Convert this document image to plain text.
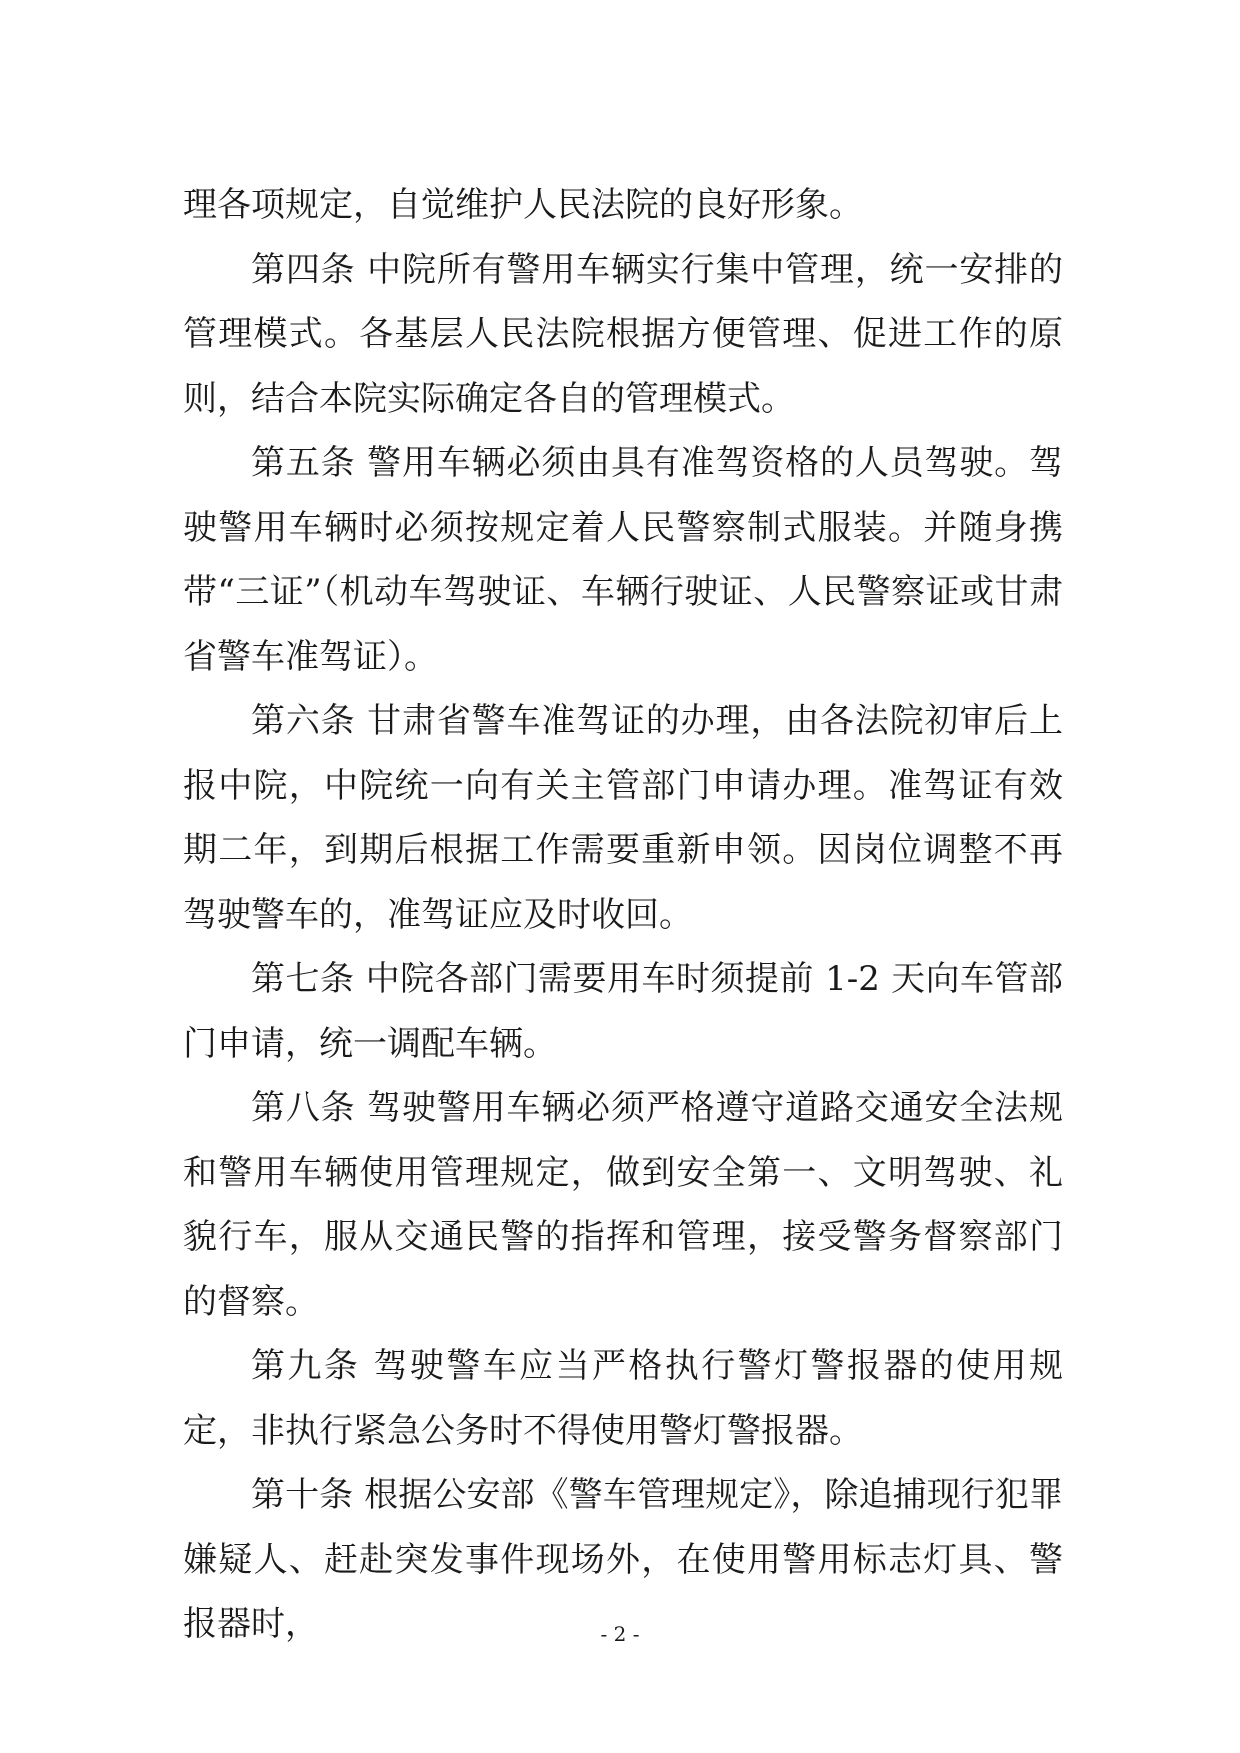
理各项规定，自觉维护人民法院的良好形象。

第四条 中院所有警用车辆实行集中管理，统一安排的管理模式。各基层人民法院根据方便管理、促进工作的原则，结合本院实际确定各自的管理模式。

第五条 警用车辆必须由具有准驾资格的人员驾驶。驾驶警用车辆时必须按规定着人民警察制式服装。并随身携带“三证”（机动车驾驶证、车辆行驶证、人民警察证或甘肃省警车准驾证）。

第六条 甘肃省警车准驾证的办理，由各法院初审后上报中院，中院统一向有关主管部门申请办理。准驾证有效期二年，到期后根据工作需要重新申领。因岗位调整不再驾驶警车的，准驾证应及时收回。

第七条 中院各部门需要用车时须提前 1-2 天向车管部门申请，统一调配车辆。

第八条 驾驶警用车辆必须严格遵守道路交通安全法规和警用车辆使用管理规定，做到安全第一、文明驾驶、礼貌行车，服从交通民警的指挥和管理，接受警务督察部门的督察。

第九条 驾驶警车应当严格执行警灯警报器的使用规定，非执行紧急公务时不得使用警灯警报器。

第十条 根据公安部《警车管理规定》，除追捕现行犯罪嫌疑人、赶赴突发事件现场外，在使用警用标志灯具、警报器时，	- 2 -
